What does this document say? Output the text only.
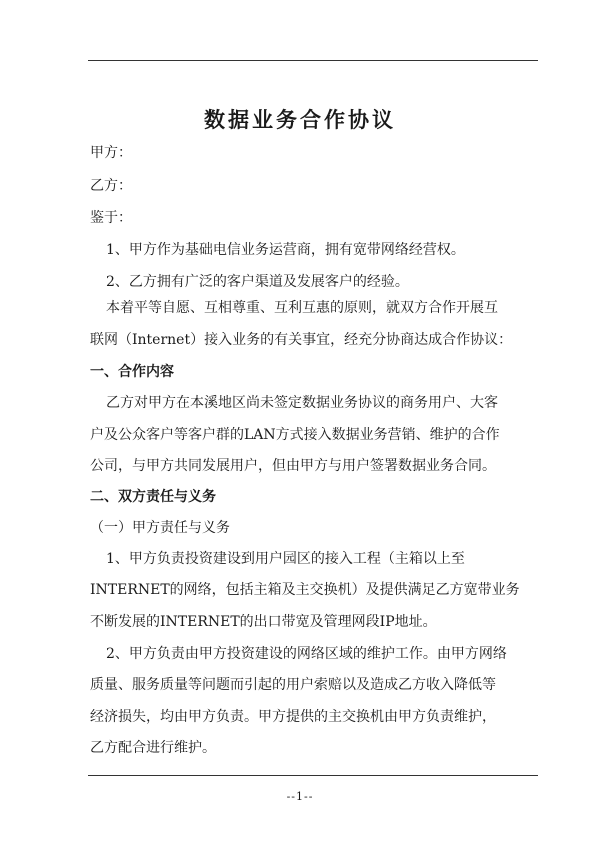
数据业务合作协议

甲方：

乙方：

鉴于：

1、甲方作为基础电信业务运营商，拥有宽带网络经营权。

2、乙方拥有广泛的客户渠道及发展客户的经验。

本着平等自愿、互相尊重、互利互惠的原则，就双方合作开展互

联网（Internet）接入业务的有关事宜，经充分协商达成合作协议：

一、合作内容

乙方对甲方在本溪地区尚未签定数据业务协议的商务用户、大客

户及公众客户等客户群的LAN方式接入数据业务营销、维护的合作

公司，与甲方共同发展用户，但由甲方与用户签署数据业务合同。

二、双方责任与义务

（一）甲方责任与义务

1、甲方负责投资建设到用户园区的接入工程（主箱以上至

INTERNET的网络，包括主箱及主交换机）及提供满足乙方宽带业务

不断发展的INTERNET的出口带宽及管理网段IP地址。

2、甲方负责由甲方投资建设的网络区域的维护工作。由甲方网络

质量、服务质量等问题而引起的用户索赔以及造成乙方收入降低等

经济损失，均由甲方负责。甲方提供的主交换机由甲方负责维护，

乙方配合进行维护。

--1--
